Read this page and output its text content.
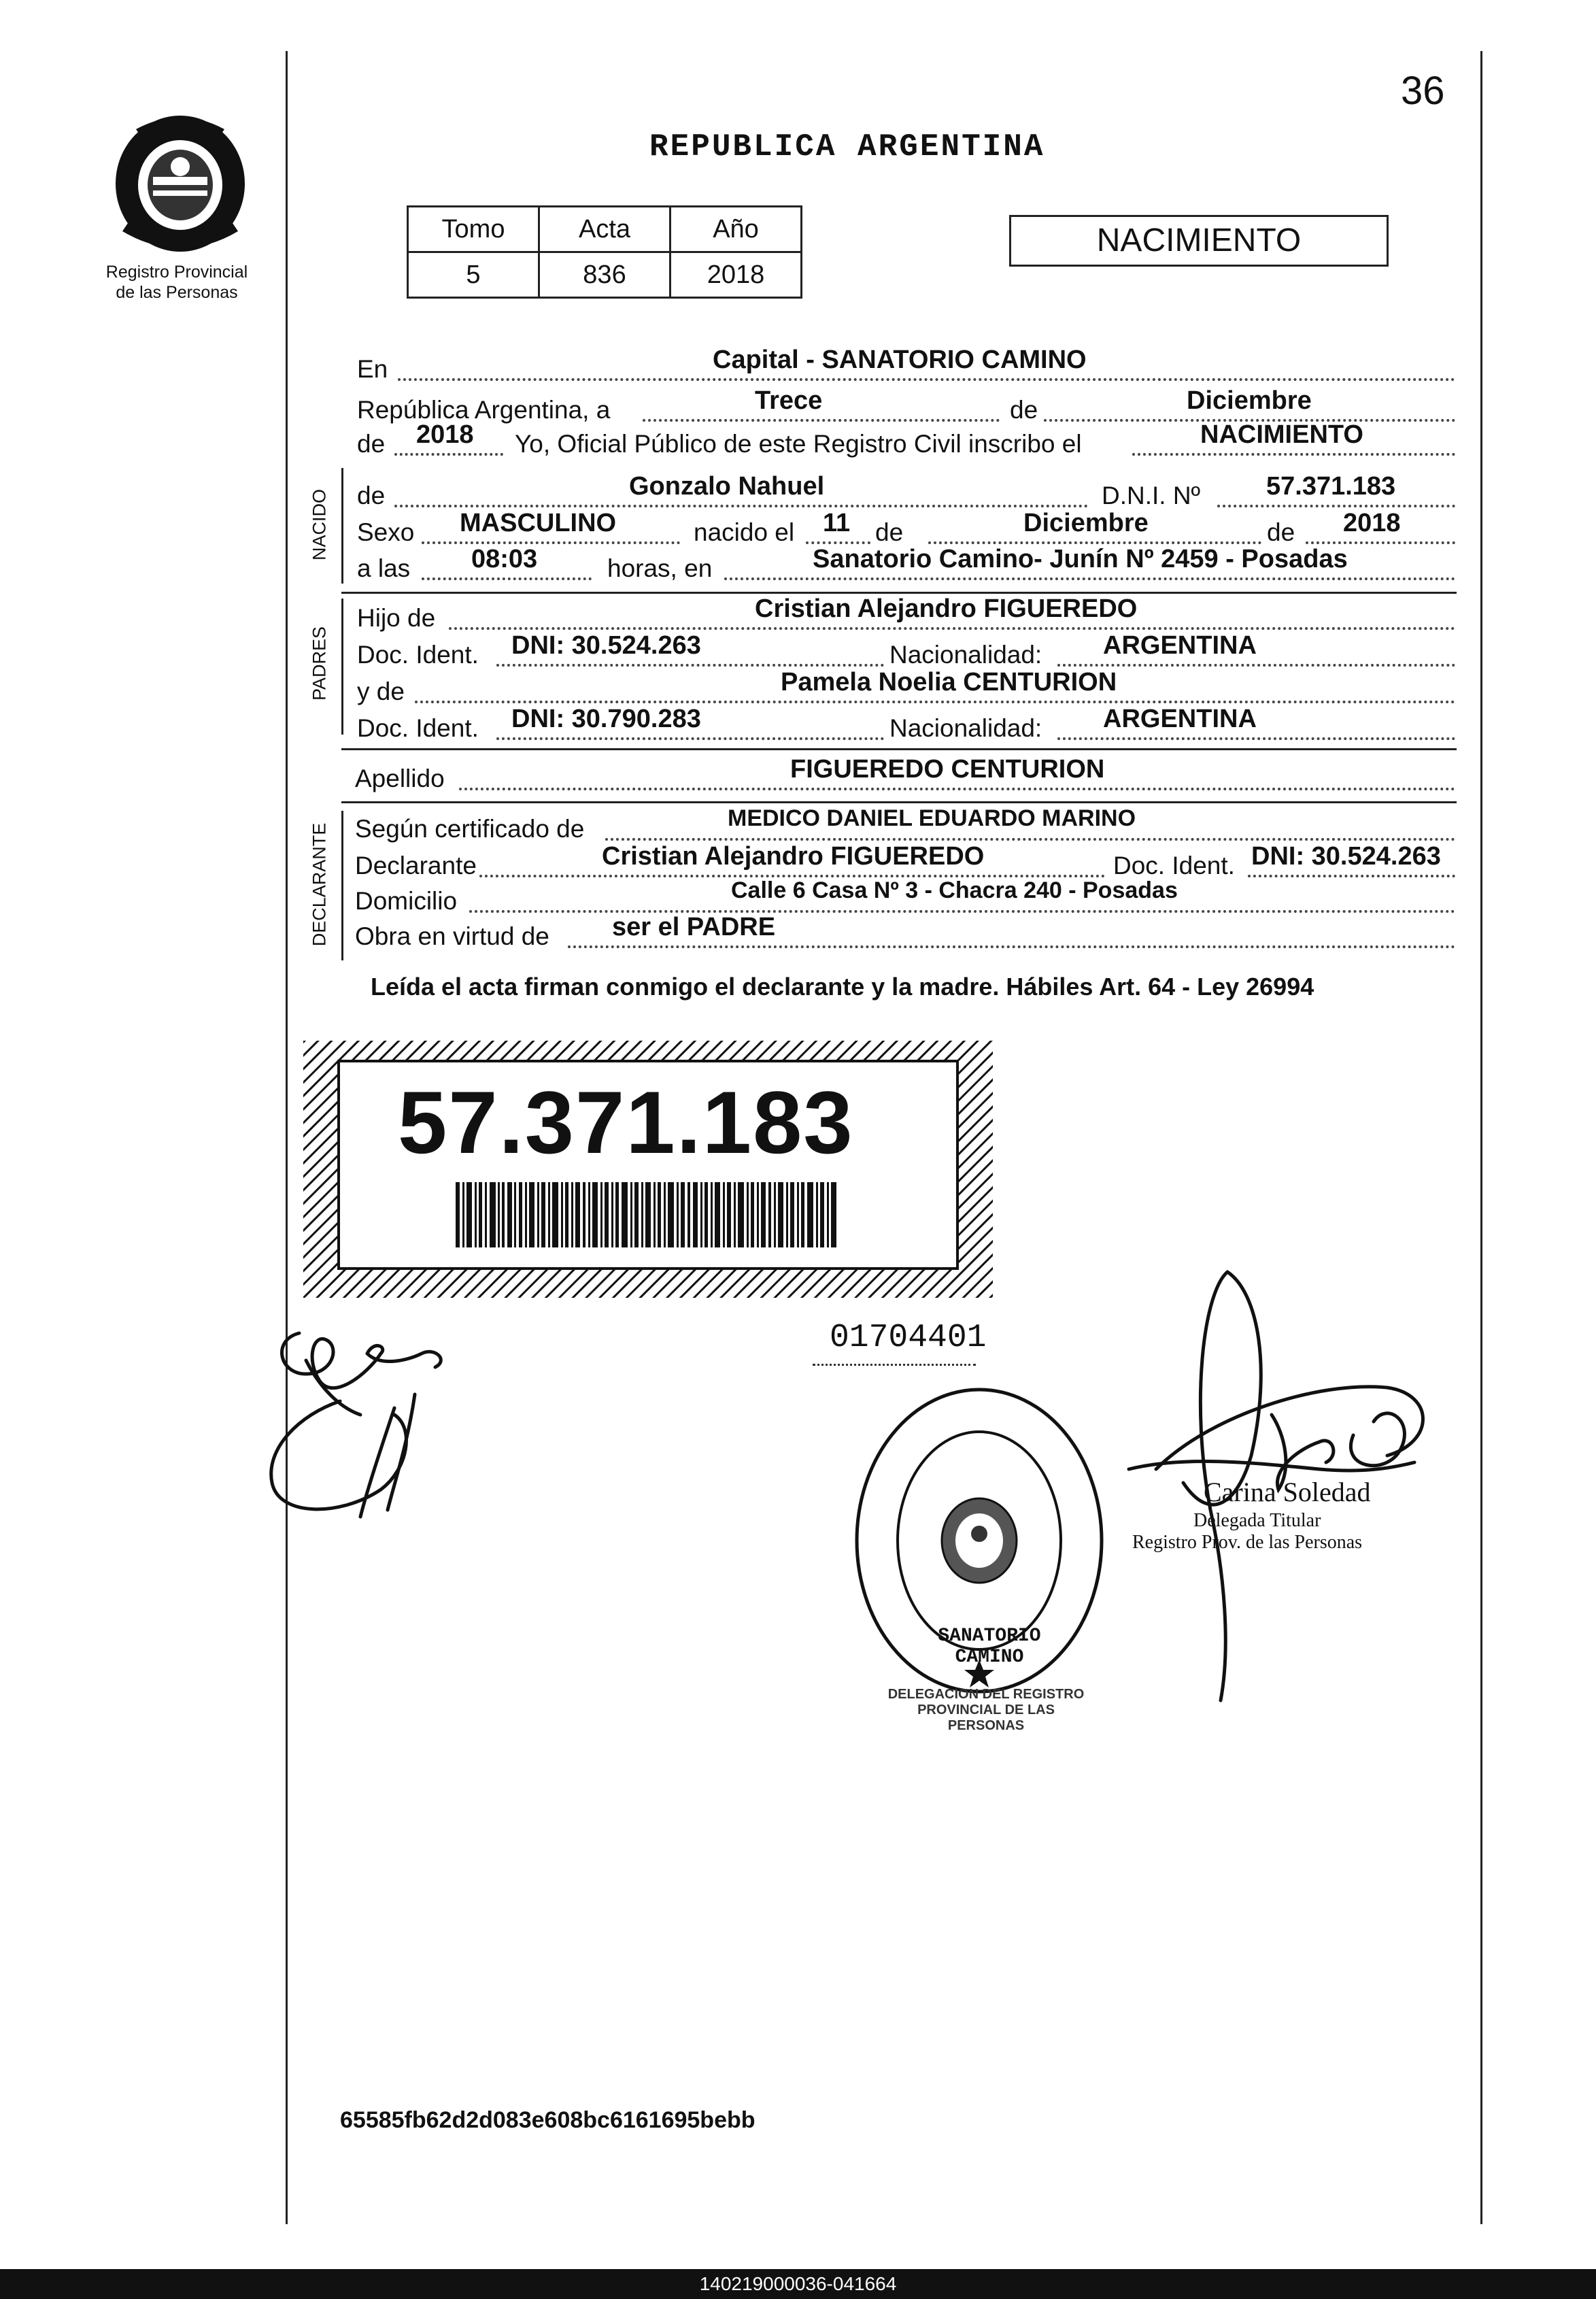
36
REPUBLICA ARGENTINA
Registro Provincial
de las Personas
Tomo	Acta	Año
5	836	2018
NACIMIENTO
En	Capital - SANATORIO CAMINO
República Argentina, a	Trece	de	Diciembre
de 2018 Yo, Oficial Público de este Registro Civil inscribo el	NACIMIENTO
NACIDO de	Gonzalo Nahuel	D.N.I. Nº	57.371.183
Sexo MASCULINO	nacido el 11 de	Diciembre	de 2018
a las 08:03	horas, en	Sanatorio Camino- Junín Nº 2459 - Posadas
PADRES
Hijo de	Cristian Alejandro FIGUEREDO
Doc. Ident. DNI: 30.524.263	Nacionalidad: ARGENTINA
y de	Pamela Noelia CENTURION
Doc. Ident. DNI: 30.790.283	Nacionalidad: ARGENTINA
Apellido	FIGUEREDO CENTURION
DECLARANTE Según certificado de	MEDICO DANIEL EDUARDO MARINO
Declarante	Cristian Alejandro FIGUEREDO	Doc. Ident. DNI: 30.524.263
Domicilio	Calle 6 Casa Nº 3 - Chacra 240 - Posadas
Obra en virtud de ser el PADRE
Leída el acta firman conmigo el declarante y la madre. Hábiles Art. 64 - Ley 26994
57.371.183
01704401
DELEGACION DEL REGISTRO PROVINCIAL DE LAS PERSONAS
SANATORIO CAMINO
Carina Soledad
Delegada Titular
Registro Prov. de las Personas
65585fb62d2d083e608bc6161695bebb
140219000036-041664
